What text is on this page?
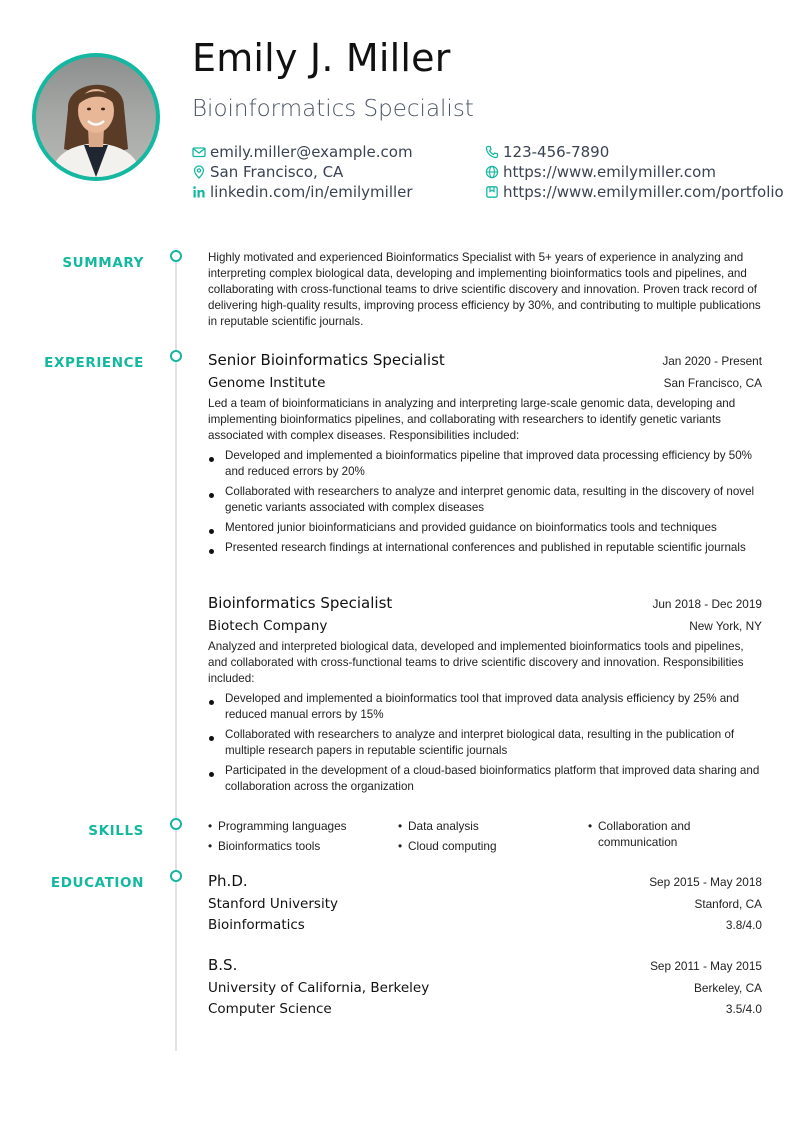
Emily J. Miller
Bioinformatics Specialist
emily.miller@example.com	123-456-7890
San Francisco, CA	https://www.emilymiller.com
linkedin.com/in/emilymiller	https://www.emilymiller.com/portfolio
SUMMARY	Highly motivated and experienced Bioinformatics Specialist with 5+ years of experience in analyzing and interpreting complex biological data, developing and implementing bioinformatics tools and pipelines, and collaborating with cross-functional teams to drive scientific discovery and innovation. Proven track record of delivering high-quality results, improving process efficiency by 30%, and contributing to multiple publications in reputable scientific journals.

EXPERIENCE	Senior Bioinformatics Specialist	Jan 2020 - Present
Genome Institute	San Francisco, CA

Led a team of bioinformaticians in analyzing and interpreting large-scale genomic data, developing and implementing bioinformatics pipelines, and collaborating with researchers to identify genetic variants associated with complex diseases. Responsibilities included:

Developed and implemented a bioinformatics pipeline that improved data processing efficiency by 50% and reduced errors by 20%
Collaborated with researchers to analyze and interpret genomic data, resulting in the discovery of novel genetic variants associated with complex diseases
Mentored junior bioinformaticians and provided guidance on bioinformatics tools and techniques
Presented research findings at international conferences and published in reputable scientific journals
Bioinformatics Specialist	Jun 2018 - Dec 2019
Biotech Company	New York, NY

Analyzed and interpreted biological data, developed and implemented bioinformatics tools and pipelines, and collaborated with cross-functional teams to drive scientific discovery and innovation. Responsibilities included:

Developed and implemented a bioinformatics tool that improved data analysis efficiency by 25% and reduced manual errors by 15%
Collaborated with researchers to analyze and interpret biological data, resulting in the publication of multiple research papers in reputable scientific journals
Participated in the development of a cloud-based bioinformatics platform that improved data sharing and collaboration across the organization
SKILLS	• Programming languages	• Data analysis	• Collaboration and communication
• Bioinformatics tools	• Cloud computing
EDUCATION	Ph.D.	Sep 2015 - May 2018
Stanford University	Stanford, CA
Bioinformatics	3.8/4.0
B.S.	Sep 2011 - May 2015
University of California, Berkeley	Berkeley, CA
Computer Science	3.5/4.0
